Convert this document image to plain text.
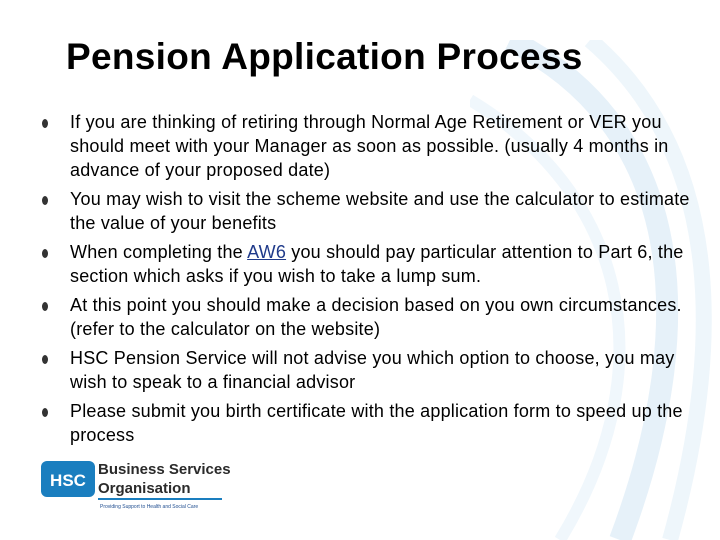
Pension Application Process
If you are thinking of retiring through Normal Age Retirement or VER you should meet with your Manager as soon as possible. (usually 4 months in advance of your proposed date)
You may wish to visit the scheme website and use the calculator to estimate the value of your benefits
When completing the AW6 you should pay particular attention to Part 6, the section which asks if you wish to take a lump sum.
At this point you should make a decision based on you own circumstances. (refer to the calculator on the website)
HSC Pension Service will not advise you which option to choose, you may wish to speak to a financial advisor
Please submit you birth certificate with the application form to speed up the process
HSC
Business Services
Organisation
Providing Support to Health and Social Care
